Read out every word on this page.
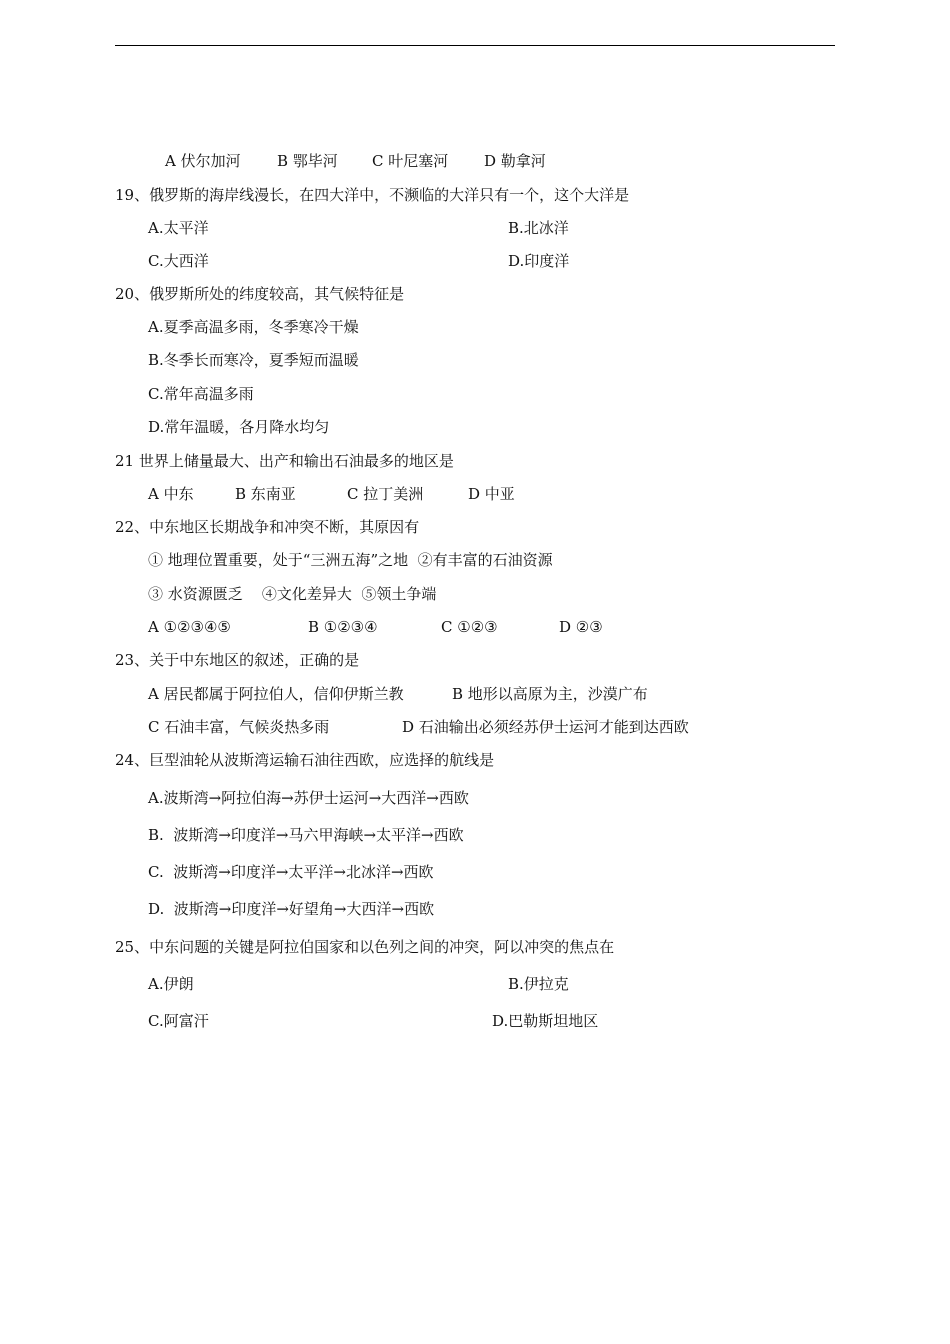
A 伏尔加河 B 鄂毕河 C 叶尼塞河 D 勒拿河
19、俄罗斯的海岸线漫长，在四大洋中，不濒临的大洋只有一个，这个大洋是
A.太平洋	B.北冰洋
C.大西洋	D.印度洋
20、俄罗斯所处的纬度较高，其气候特征是
A.夏季高温多雨，冬季寒冷干燥
B.冬季长而寒冷，夏季短而温暖
C.常年高温多雨
D.常年温暖，各月降水均匀
21 世界上储量最大、出产和输出石油最多的地区是
A 中东	B 东南亚	C 拉丁美洲	D 中亚
22、中东地区长期战争和冲突不断，其原因有
① 地理位置重要，处于“三洲五海”之地  ②有丰富的石油资源
③ 水资源匮乏    ④文化差异大  ⑤领土争端
A ①②③④⑤	B ①②③④	C ①②③	D ②③
23、关于中东地区的叙述，正确的是
A 居民都属于阿拉伯人，信仰伊斯兰教	B 地形以高原为主，沙漠广布
C 石油丰富，气候炎热多雨	D 石油输出必须经苏伊士运河才能到达西欧
24、巨型油轮从波斯湾运输石油往西欧，应选择的航线是
A.波斯湾→阿拉伯海→苏伊士运河→大西洋→西欧
B.  波斯湾→印度洋→马六甲海峡→太平洋→西欧
C.  波斯湾→印度洋→太平洋→北冰洋→西欧
D.  波斯湾→印度洋→好望角→大西洋→西欧
25、中东问题的关键是阿拉伯国家和以色列之间的冲突，阿以冲突的焦点在
A.伊朗	B.伊拉克
C.阿富汗	D.巴勒斯坦地区
